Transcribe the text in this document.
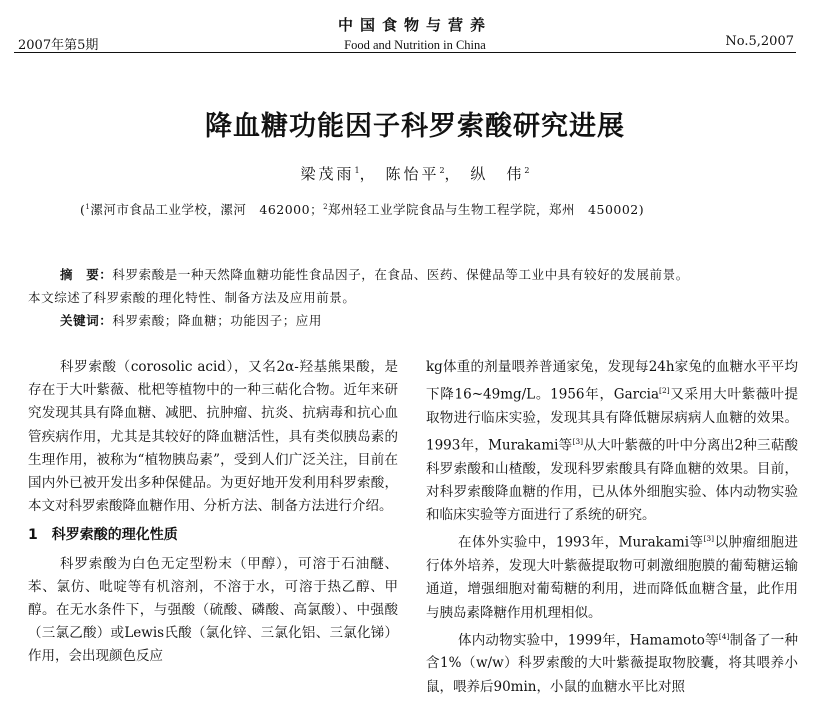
2007年第5期
中国食物与营养
Food and Nutrition in China	No.5,2007
降血糖功能因子科罗索酸研究进展
梁茂雨$^1$， 陈怡平$^2$， 纵　伟$^2$
($^1$漯河市食品工业学校，漯河　462000；$^2$郑州轻工业学院食品与生物工程学院，郑州　450002)

摘　要：科罗索酸是一种天然降血糖功能性食品因子，在食品、医药、保健品等工业中具有较好的发展前景。

本文综述了科罗索酸的理化特性、制备方法及应用前景。

关键词：科罗索酸；降血糖；功能因子；应用

科罗索酸（corosolic acid），又名2α-羟基熊果酸，是存在于大叶紫薇、枇杷等植物中的一种三萜化合物。近年来研究发现其具有降血糖、减肥、抗肿瘤、抗炎、抗病毒和抗心血管疾病作用，尤其是其较好的降血糖活性，具有类似胰岛素的生理作用，被称为“植物胰岛素”，受到人们广泛关注，目前在国内外已被开发出多种保健品。为更好地开发利用科罗索酸，本文对科罗索酸降血糖作用、分析方法、制备方法进行介绍。

1　 科罗索酸的理化性质

科罗索酸为白色无定型粉末（甲醇），可溶于石油醚、苯、氯仿、吡啶等有机溶剂，不溶于水，可溶于热乙醇、甲醇。在无水条件下，与强酸（硫酸、磷酸、高氯酸）、中强酸（三氯乙酸）或Lewis氏酸（氯化锌、三氯化铝、三氯化锑）作用，会出现颜色反应

kg体重的剂量喂养普通家兔，发现每24h家兔的血糖水平平均下降16~49mg/L。1956年，Garcia[2]又采用大叶紫薇叶提取物进行临床实验，发现其具有降低糖尿病病人血糖的效果。1993年，Murakami等[3]从大叶紫薇的叶中分离出2种三萜酸科罗索酸和山楂酸，发现科罗索酸具有降血糖的效果。目前，对科罗索酸降血糖的作用，已从体外细胞实验、体内动物实验和临床实验等方面进行了系统的研究。

在体外实验中，1993年，Murakami等[3]以肿瘤细胞进行体外培养，发现大叶紫薇提取物可刺激细胞膜的葡萄糖运输通道，增强细胞对葡萄糖的利用，进而降低血糖含量，此作用与胰岛素降糖作用机理相似。

体内动物实验中，1999年，Hamamoto等[4]制备了一种含1%（w/w）科罗索酸的大叶紫薇提取物胶囊，将其喂养小鼠，喂养后90min，小鼠的血糖水平比对照
